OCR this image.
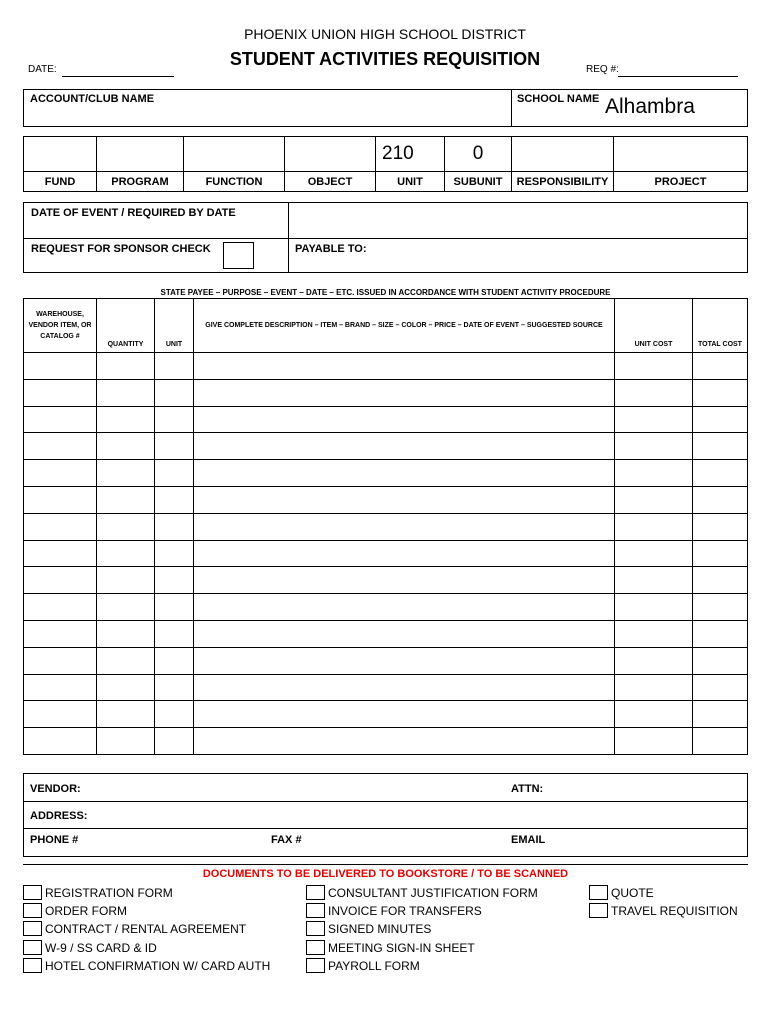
PHOENIX UNION HIGH SCHOOL DISTRICT
STUDENT ACTIVITIES REQUISITION
DATE:	REQ #:
ACCOUNT/CLUB NAME	SCHOOL NAME Alhambra
				210	0		
FUND	PROGRAM	FUNCTION	OBJECT	UNIT	SUBUNIT	RESPONSIBILITY	PROJECT
DATE OF EVENT / REQUIRED BY DATE	

REQUEST FOR SPONSOR CHECK	PAYABLE TO:
STATE PAYEE – PURPOSE – EVENT – DATE – ETC. ISSUED IN ACCORDANCE WITH STUDENT ACTIVITY PROCEDURE
WAREHOUSE, VENDOR ITEM, OR CATALOG #	QUANTITY	UNIT	GIVE COMPLETE DESCRIPTION – ITEM – BRAND – SIZE – COLOR – PRICE – DATE OF EVENT – SUGGESTED SOURCE	UNIT COST	TOTAL COST

VENDOR:	ATTN:
ADDRESS:	

PHONE # FAX #	EMAIL
DOCUMENTS TO BE DELIVERED TO BOOKSTORE / TO BE SCANNED
REGISTRATION FORM
ORDER FORM
CONTRACT / RENTAL AGREEMENT
W-9 / SS CARD & ID
HOTEL CONFIRMATION W/ CARD AUTH
CONSULTANT JUSTIFICATION FORM
INVOICE FOR TRANSFERS
SIGNED MINUTES
MEETING SIGN-IN SHEET
PAYROLL FORM
QUOTE
TRAVEL REQUISITION
